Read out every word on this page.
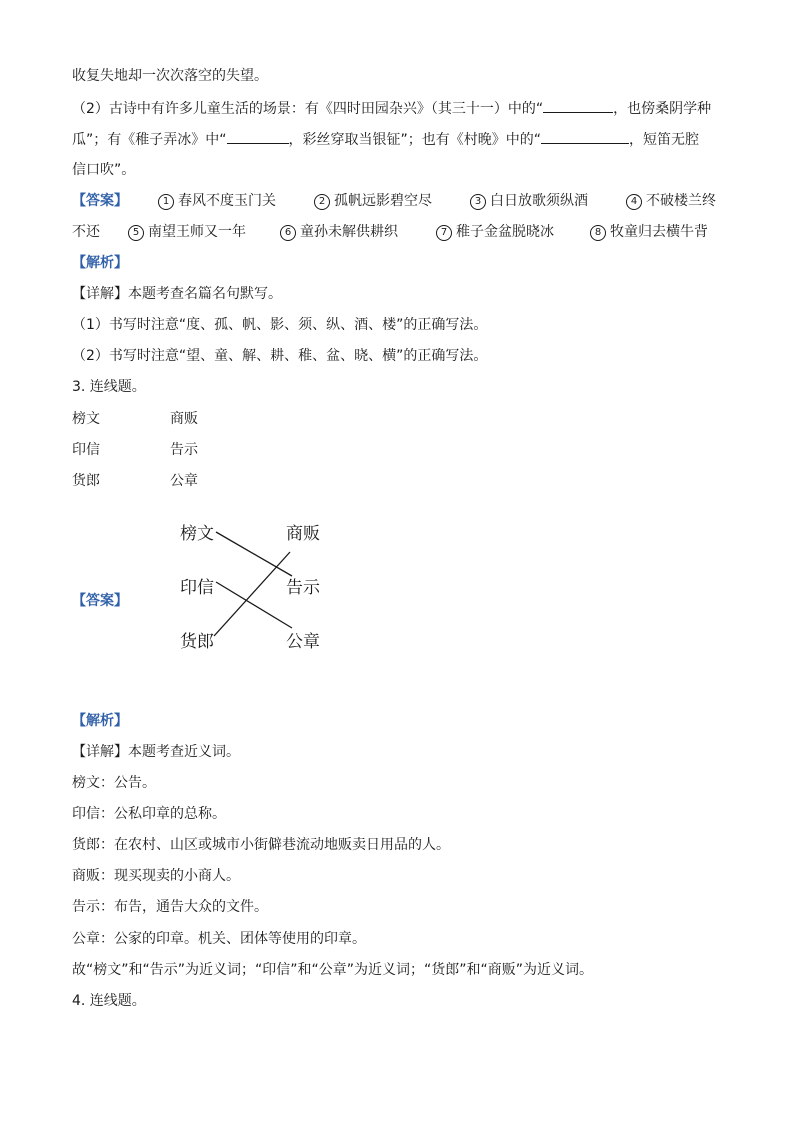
收复失地却一次次落空的失望。
（2）古诗中有许多儿童生活的场景：有《四时田园杂兴》（其三十一）中的“	，也傍桑阴学种
瓜”；有《稚子弄冰》中“	，彩丝穿取当银钲”；也有《村晚》中的“	，短笛无腔
信口吹”。
【答案】	1 春风不度玉门关	2 孤帆远影碧空尽	3 白日放歌须纵酒	4 不破楼兰终
不还	5 南望王师又一年	6 童孙未解供耕织	7 稚子金盆脱晓冰	8 牧童归去横牛背
【解析】
【详解】本题考查名篇名句默写。
（1）书写时注意“度、孤、帆、影、须、纵、酒、楼”的正确写法。
（2）书写时注意“望、童、解、耕、稚、盆、晓、横”的正确写法。
3. 连线题。
榜文	商贩
印信	告示
货郎	公章
【答案】
榜文
印信
货郎
商贩
告示
公章
【解析】
【详解】本题考查近义词。
榜文：公告。
印信：公私印章的总称。
货郎：在农村、山区或城市小街僻巷流动地贩卖日用品的人。
商贩：现买现卖的小商人。
告示：布告，通告大众的文件。
公章：公家的印章。机关、团体等使用的印章。
故“榜文”和“告示”为近义词；“印信”和“公章”为近义词；“货郎”和“商贩”为近义词。
4. 连线题。
